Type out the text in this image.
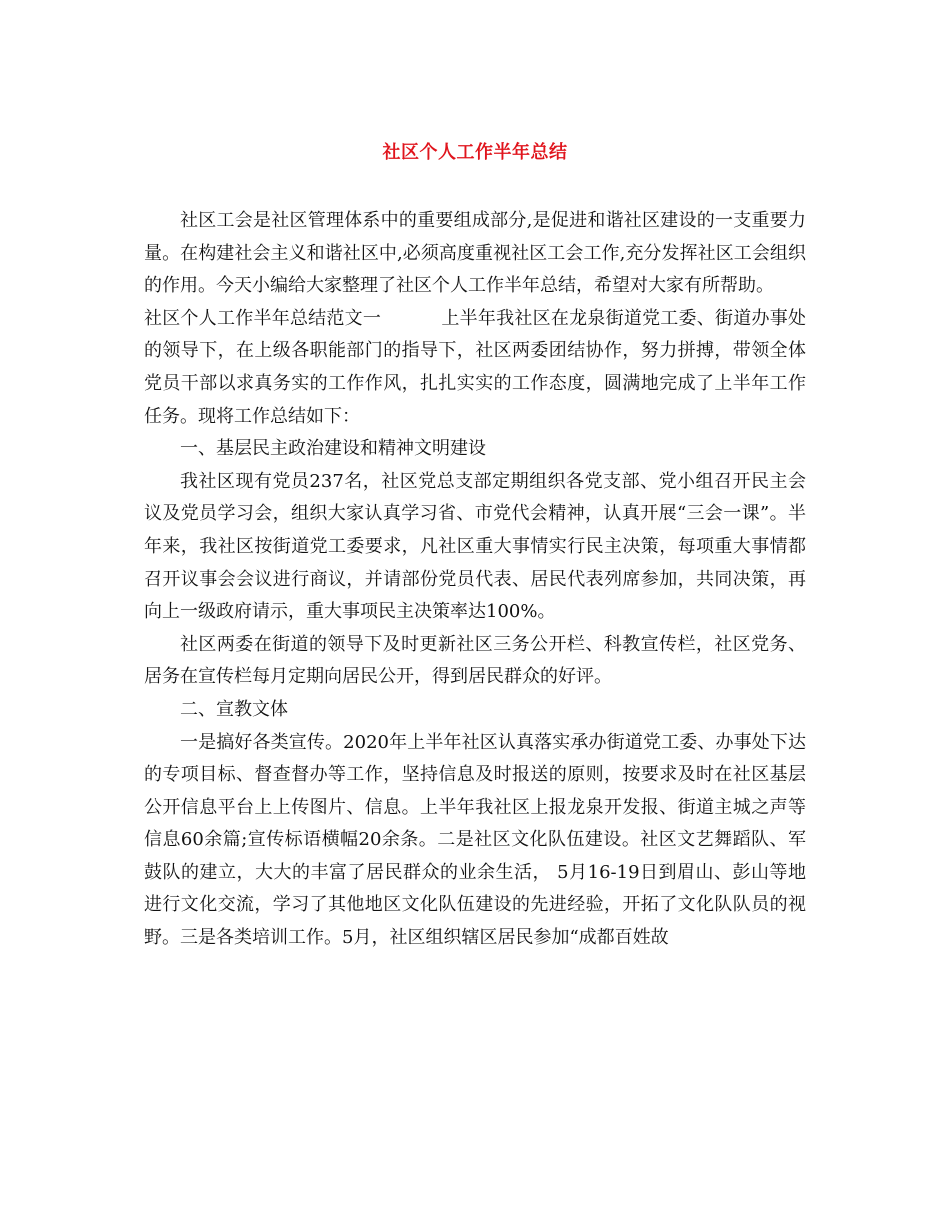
社区个人工作半年总结

社区工会是社区管理体系中的重要组成部分,是促进和谐社区建设的一支重要力量。在构建社会主义和谐社区中,必须高度重视社区工会工作,充分发挥社区工会组织的作用。今天小编给大家整理了社区个人工作半年总结，希望对大家有所帮助。

社区个人工作半年总结范文一	上半年我社区在龙泉街道党工委、街道办事处的领导下，在上级各职能部门的指导下，社区两委团结协作，努力拼搏，带领全体党员干部以求真务实的工作作风，扎扎实实的工作态度，圆满地完成了上半年工作任务。现将工作总结如下：

一、基层民主政治建设和精神文明建设

我社区现有党员237名，社区党总支部定期组织各党支部、党小组召开民主会议及党员学习会，组织大家认真学习省、市党代会精神，认真开展“三会一课”。半年来，我社区按街道党工委要求，凡社区重大事情实行民主决策，每项重大事情都召开议事会会议进行商议，并请部份党员代表、居民代表列席参加，共同决策，再向上一级政府请示，重大事项民主决策率达100%。

社区两委在街道的领导下及时更新社区三务公开栏、科教宣传栏，社区党务、居务在宣传栏每月定期向居民公开，得到居民群众的好评。

二、宣教文体

一是搞好各类宣传。2020年上半年社区认真落实承办街道党工委、办事处下达的专项目标、督查督办等工作，坚持信息及时报送的原则，按要求及时在社区基层公开信息平台上上传图片、信息。上半年我社区上报龙泉开发报、街道主城之声等信息60余篇;宣传标语横幅20余条。二是社区文化队伍建设。社区文艺舞蹈队、军鼓队的建立，大大的丰富了居民群众的业余生活， 5月16-19日到眉山、彭山等地进行文化交流，学习了其他地区文化队伍建设的先进经验，开拓了文化队队员的视野。三是各类培训工作。5月，社区组织辖区居民参加“成都百姓故
